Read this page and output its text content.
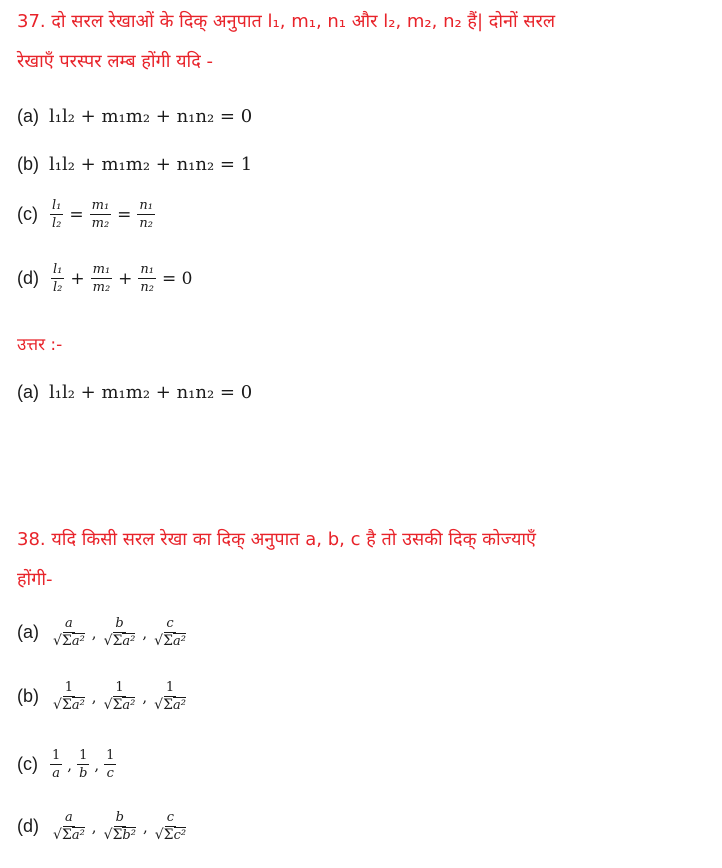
37. दो सरल रेखाओं के दिक् अनुपात l₁, m₁, n₁ और l₂, m₂, n₂ हैं| दोनों सरल
रेखाएँ परस्पर लम्ब होंगी यदि -
(a) l₁l₂ + m₁m₂ + n₁n₂ = 0
(b) l₁l₂ + m₁m₂ + n₁n₂ = 1
$(c) \frac{\text{l₁}}{\text{l₂}} = \frac{\text{m₁}}{\text{m₂}} = \frac{\text{n₁}}{\text{n₂}}$
$(d) \frac{\text{l₁}}{\text{l₂}} + \frac{\text{m₁}}{\text{m₂}} + \frac{\text{n₁}}{\text{n₂}} = 0$
उत्तर :-
(a) l₁l₂ + m₁m₂ + n₁n₂ = 0
38. यदि किसी सरल रेखा का दिक् अनुपात a, b, c है तो उसकी दिक् कोज्याएँ
होंगी-
$(a) \frac{a}{\text{√Σa²}}$ , $\frac{b}{\text{√Σa²}}$ , $\frac{c}{\text{√Σa²}}$
$(b) \frac{1}{\text{√Σa²}}$ , $\frac{1}{\text{√Σa²}}$ , $\frac{1}{\text{√Σa²}}$
$(c) \frac{1}{a}$ , $\frac{1}{b}$ , $\frac{1}{c}$
$(d) \frac{a}{\text{√Σa²}}$ , $\frac{b}{\text{√Σb²}}$ , $\frac{c}{\text{√Σc²}}$
